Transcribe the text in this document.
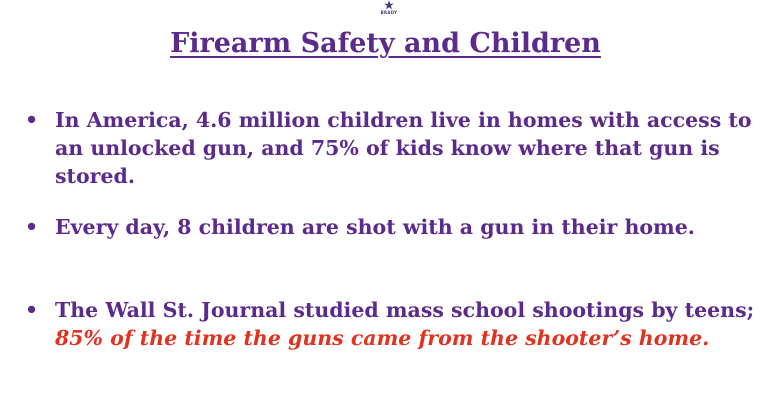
BRADY
Firearm Safety and Children
• In America, 4.6 million children live in homes with access to an unlocked gun, and 75% of kids know where that gun is stored.
• Every day, 8 children are shot with a gun in their home.
• The Wall St. Journal studied mass school shootings by teens;
85% of the time the guns came from the shooter’s home.
